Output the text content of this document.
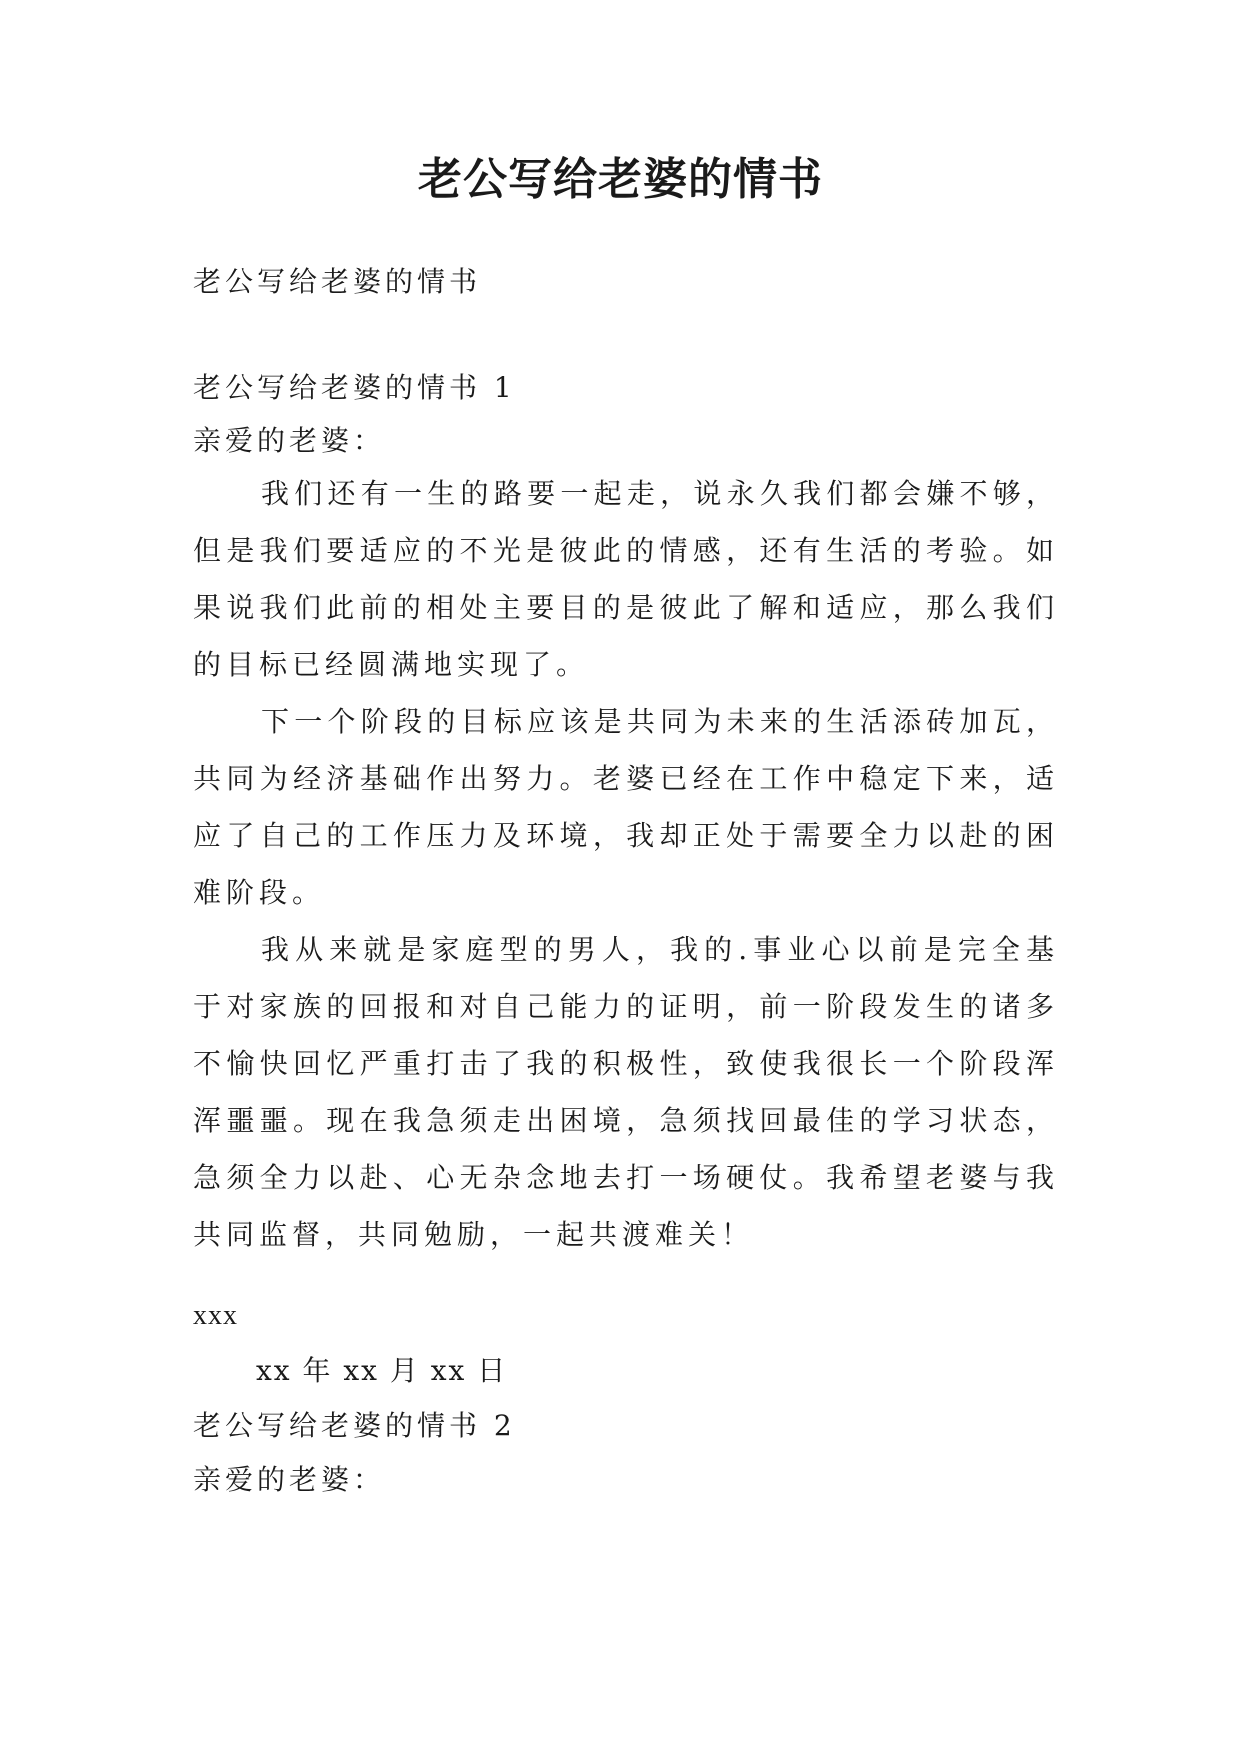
老公写给老婆的情书
老公写给老婆的情书
老公写给老婆的情书 1
亲爱的老婆：
我们还有一生的路要一起走，说永久我们都会嫌不够，但是我们要适应的不光是彼此的情感，还有生活的考验。如果说我们此前的相处主要目的是彼此了解和适应，那么我们的目标已经圆满地实现了。
下一个阶段的目标应该是共同为未来的生活添砖加瓦，共同为经济基础作出努力。老婆已经在工作中稳定下来，适应了自己的工作压力及环境，我却正处于需要全力以赴的困难阶段。
我从来就是家庭型的男人，我的.事业心以前是完全基于对家族的回报和对自己能力的证明，前一阶段发生的诸多不愉快回忆严重打击了我的积极性，致使我很长一个阶段浑浑噩噩。现在我急须走出困境，急须找回最佳的学习状态，急须全力以赴、心无杂念地去打一场硬仗。我希望老婆与我共同监督，共同勉励，一起共渡难关！
xxx
xx 年 xx 月 xx 日
老公写给老婆的情书 2
亲爱的老婆：
